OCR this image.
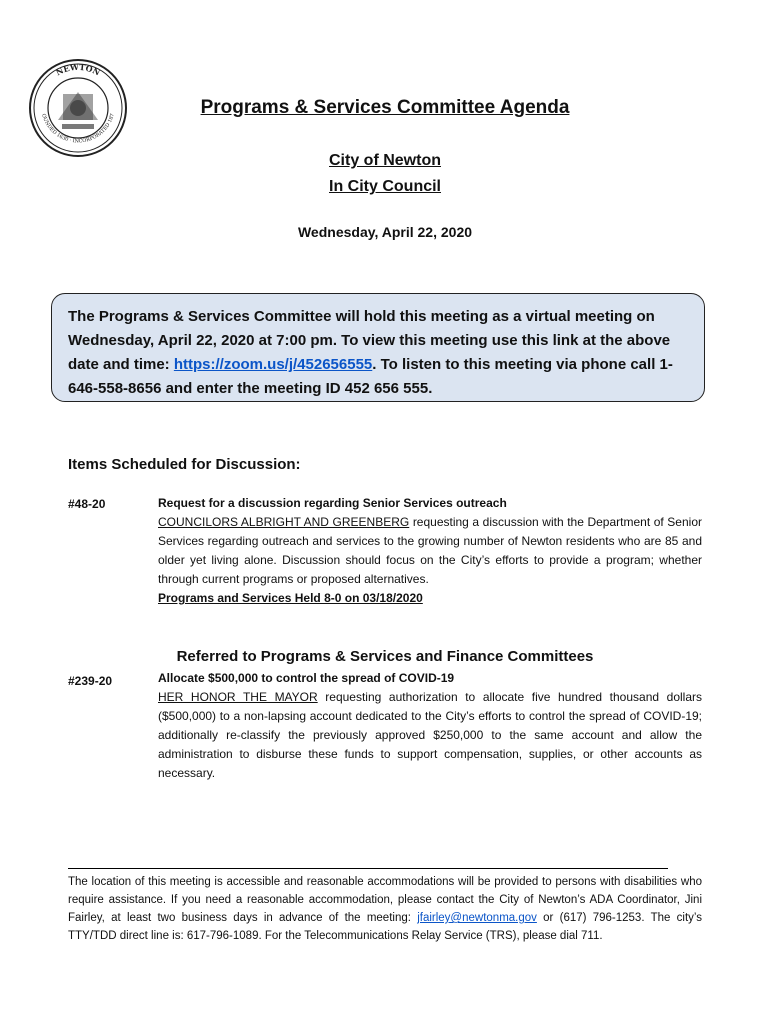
NEWTON
OUNDED 1630 · INCORPORATED 187	Programs & Services Committee Agenda
City of Newton
In City Council
Wednesday, April 22, 2020
The Programs & Services Committee will hold this meeting as a virtual meeting on Wednesday, April 22, 2020 at 7:00 pm. To view this meeting use this link at the above date and time: https://zoom.us/j/452656555. To listen to this meeting via phone call 1-646-558-8656 and enter the meeting ID 452 656 555.
Items Scheduled for Discussion:
#48-20	Request for a discussion regarding Senior Services outreach
COUNCILORS ALBRIGHT AND GREENBERG requesting a discussion with the Department of Senior Services regarding outreach and services to the growing number of Newton residents who are 85 and older yet living alone. Discussion should focus on the City’s efforts to provide a program; whether through current programs or proposed alternatives.
Programs and Services Held 8-0 on 03/18/2020
Referred to Programs & Services and Finance Committees
#239-20	Allocate $500,000 to control the spread of COVID-19
HER HONOR THE MAYOR requesting authorization to allocate five hundred thousand dollars ($500,000) to a non-lapsing account dedicated to the City’s efforts to control the spread of COVID-19; additionally re-classify the previously approved $250,000 to the same account and allow the administration to disburse these funds to support compensation, supplies, or other accounts as necessary.
The location of this meeting is accessible and reasonable accommodations will be provided to persons with disabilities who require assistance. If you need a reasonable accommodation, please contact the City of Newton’s ADA Coordinator, Jini Fairley, at least two business days in advance of the meeting: jfairley@newtonma.gov or (617) 796-1253. The city’s TTY/TDD direct line is: 617-796-1089. For the Telecommunications Relay Service (TRS), please dial 711.
